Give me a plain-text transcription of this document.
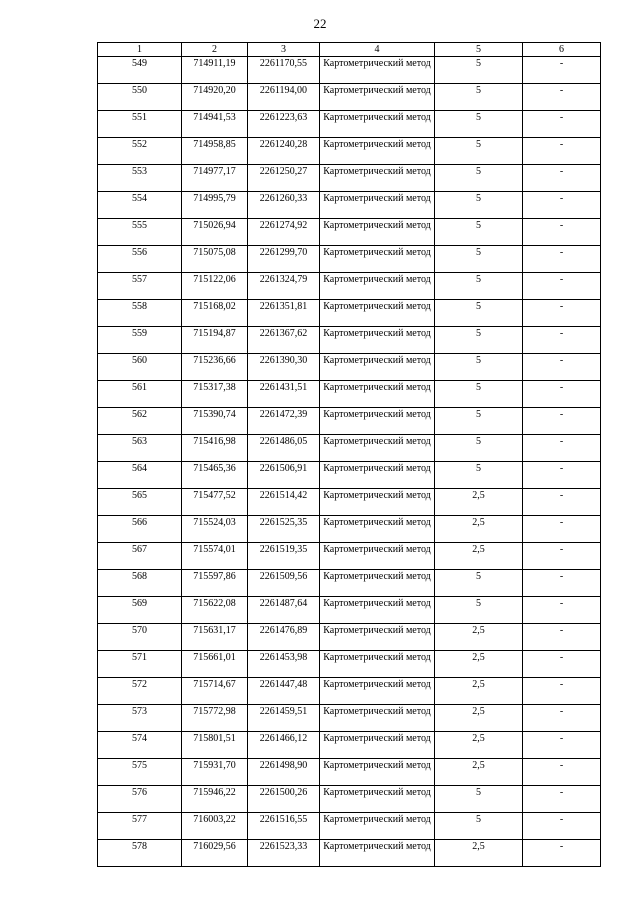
22
1	2	3	4	5	6
549	714911,19	2261170,55	Картометрический метод	5	-
550	714920,20	2261194,00	Картометрический метод	5	-
551	714941,53	2261223,63	Картометрический метод	5	-
552	714958,85	2261240,28	Картометрический метод	5	-
553	714977,17	2261250,27	Картометрический метод	5	-
554	714995,79	2261260,33	Картометрический метод	5	-
555	715026,94	2261274,92	Картометрический метод	5	-
556	715075,08	2261299,70	Картометрический метод	5	-
557	715122,06	2261324,79	Картометрический метод	5	-
558	715168,02	2261351,81	Картометрический метод	5	-
559	715194,87	2261367,62	Картометрический метод	5	-
560	715236,66	2261390,30	Картометрический метод	5	-
561	715317,38	2261431,51	Картометрический метод	5	-
562	715390,74	2261472,39	Картометрический метод	5	-
563	715416,98	2261486,05	Картометрический метод	5	-
564	715465,36	2261506,91	Картометрический метод	5	-
565	715477,52	2261514,42	Картометрический метод	2,5	-
566	715524,03	2261525,35	Картометрический метод	2,5	-
567	715574,01	2261519,35	Картометрический метод	2,5	-
568	715597,86	2261509,56	Картометрический метод	5	-
569	715622,08	2261487,64	Картометрический метод	5	-
570	715631,17	2261476,89	Картометрический метод	2,5	-
571	715661,01	2261453,98	Картометрический метод	2,5	-
572	715714,67	2261447,48	Картометрический метод	2,5	-
573	715772,98	2261459,51	Картометрический метод	2,5	-
574	715801,51	2261466,12	Картометрический метод	2,5	-
575	715931,70	2261498,90	Картометрический метод	2,5	-
576	715946,22	2261500,26	Картометрический метод	5	-
577	716003,22	2261516,55	Картометрический метод	5	-
578	716029,56	2261523,33	Картометрический метод	2,5	-
